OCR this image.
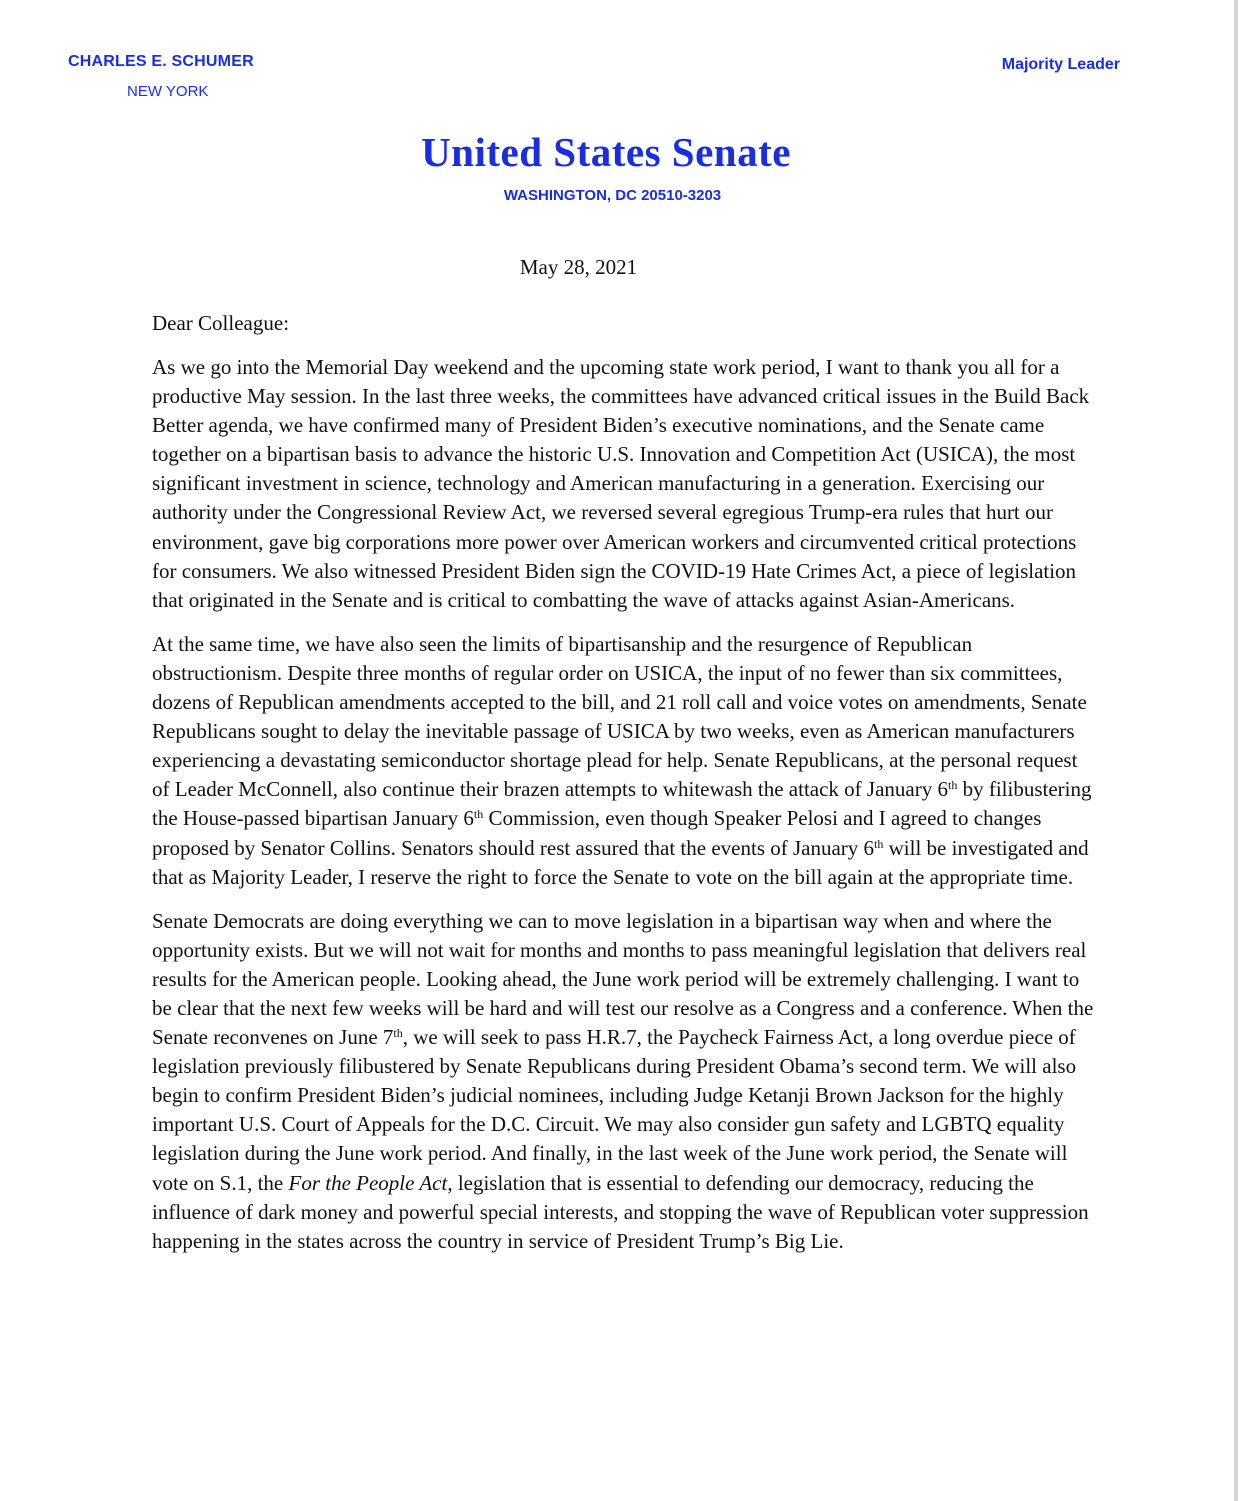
CHARLES E. SCHUMER
NEW YORK
Majority Leader
United States Senate
WASHINGTON, DC 20510-3203
May 28, 2021
Dear Colleague:

As we go into the Memorial Day weekend and the upcoming state work period, I want to thank you all for a productive May session. In the last three weeks, the committees have advanced critical issues in the Build Back Better agenda, we have confirmed many of President Biden’s executive nominations, and the Senate came together on a bipartisan basis to advance the historic U.S. Innovation and Competition Act (USICA), the most significant investment in science, technology and American manufacturing in a generation. Exercising our authority under the Congressional Review Act, we reversed several egregious Trump-era rules that hurt our environment, gave big corporations more power over American workers and circumvented critical protections for consumers. We also witnessed President Biden sign the COVID-19 Hate Crimes Act, a piece of legislation that originated in the Senate and is critical to combatting the wave of attacks against Asian-Americans.

At the same time, we have also seen the limits of bipartisanship and the resurgence of Republican obstructionism. Despite three months of regular order on USICA, the input of no fewer than six committees, dozens of Republican amendments accepted to the bill, and 21 roll call and voice votes on amendments, Senate Republicans sought to delay the inevitable passage of USICA by two weeks, even as American manufacturers experiencing a devastating semiconductor shortage plead for help. Senate Republicans, at the personal request of Leader McConnell, also continue their brazen attempts to whitewash the attack of January 6th by filibustering the House-passed bipartisan January 6th Commission, even though Speaker Pelosi and I agreed to changes proposed by Senator Collins. Senators should rest assured that the events of January 6th will be investigated and that as Majority Leader, I reserve the right to force the Senate to vote on the bill again at the appropriate time.

Senate Democrats are doing everything we can to move legislation in a bipartisan way when and where the opportunity exists. But we will not wait for months and months to pass meaningful legislation that delivers real results for the American people. Looking ahead, the June work period will be extremely challenging. I want to be clear that the next few weeks will be hard and will test our resolve as a Congress and a conference. When the Senate reconvenes on June 7th, we will seek to pass H.R.7, the Paycheck Fairness Act, a long overdue piece of legislation previously filibustered by Senate Republicans during President Obama’s second term. We will also begin to confirm President Biden’s judicial nominees, including Judge Ketanji Brown Jackson for the highly important U.S. Court of Appeals for the D.C. Circuit. We may also consider gun safety and LGBTQ equality legislation during the June work period. And finally, in the last week of the June work period, the Senate will vote on S.1, the For the People Act, legislation that is essential to defending our democracy, reducing the influence of dark money and powerful special interests, and stopping the wave of Republican voter suppression happening in the states across the country in service of President Trump’s Big Lie.
